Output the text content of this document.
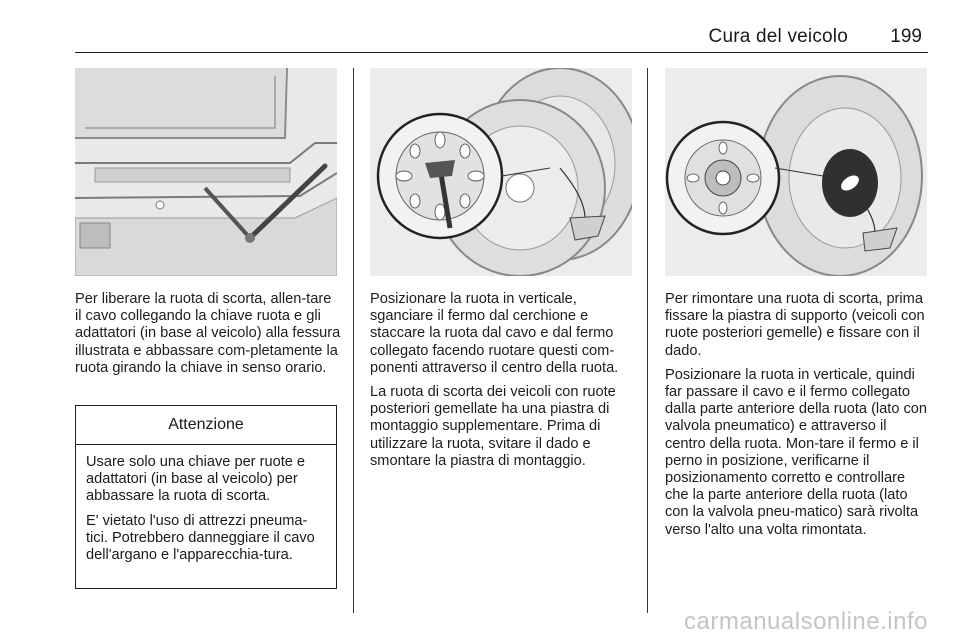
Cura del veicolo 199

Per liberare la ruota di scorta, allen-tare il cavo collegando la chiave ruota e gli adattatori (in base al veicolo) alla fessura illustrata e abbassare com-pletamente la ruota girando la chiave in senso orario.

Attenzione

Usare solo una chiave per ruote e adattatori (in base al veicolo) per abbassare la ruota di scorta.

E' vietato l'uso di attrezzi pneuma-tici. Potrebbero danneggiare il cavo dell'argano e l'apparecchia-tura.

Posizionare la ruota in verticale, sganciare il fermo dal cerchione e staccare la ruota dal cavo e dal fermo collegato facendo ruotare questi com-ponenti attraverso il centro della ruota.

La ruota di scorta dei veicoli con ruote posteriori gemellate ha una piastra di montaggio supplementare. Prima di utilizzare la ruota, svitare il dado e smontare la piastra di montaggio.

Per rimontare una ruota di scorta, prima fissare la piastra di supporto (veicoli con ruote posteriori gemelle) e fissare con il dado.

Posizionare la ruota in verticale, quindi far passare il cavo e il fermo collegato dalla parte anteriore della ruota (lato con valvola pneumatico) e attraverso il centro della ruota. Mon-tare il fermo e il perno in posizione, verificarne il posizionamento corretto e controllare che la parte anteriore della ruota (lato con la valvola pneu-matico) sarà rivolta verso l'alto una volta rimontata.

carmanualsonline.info
